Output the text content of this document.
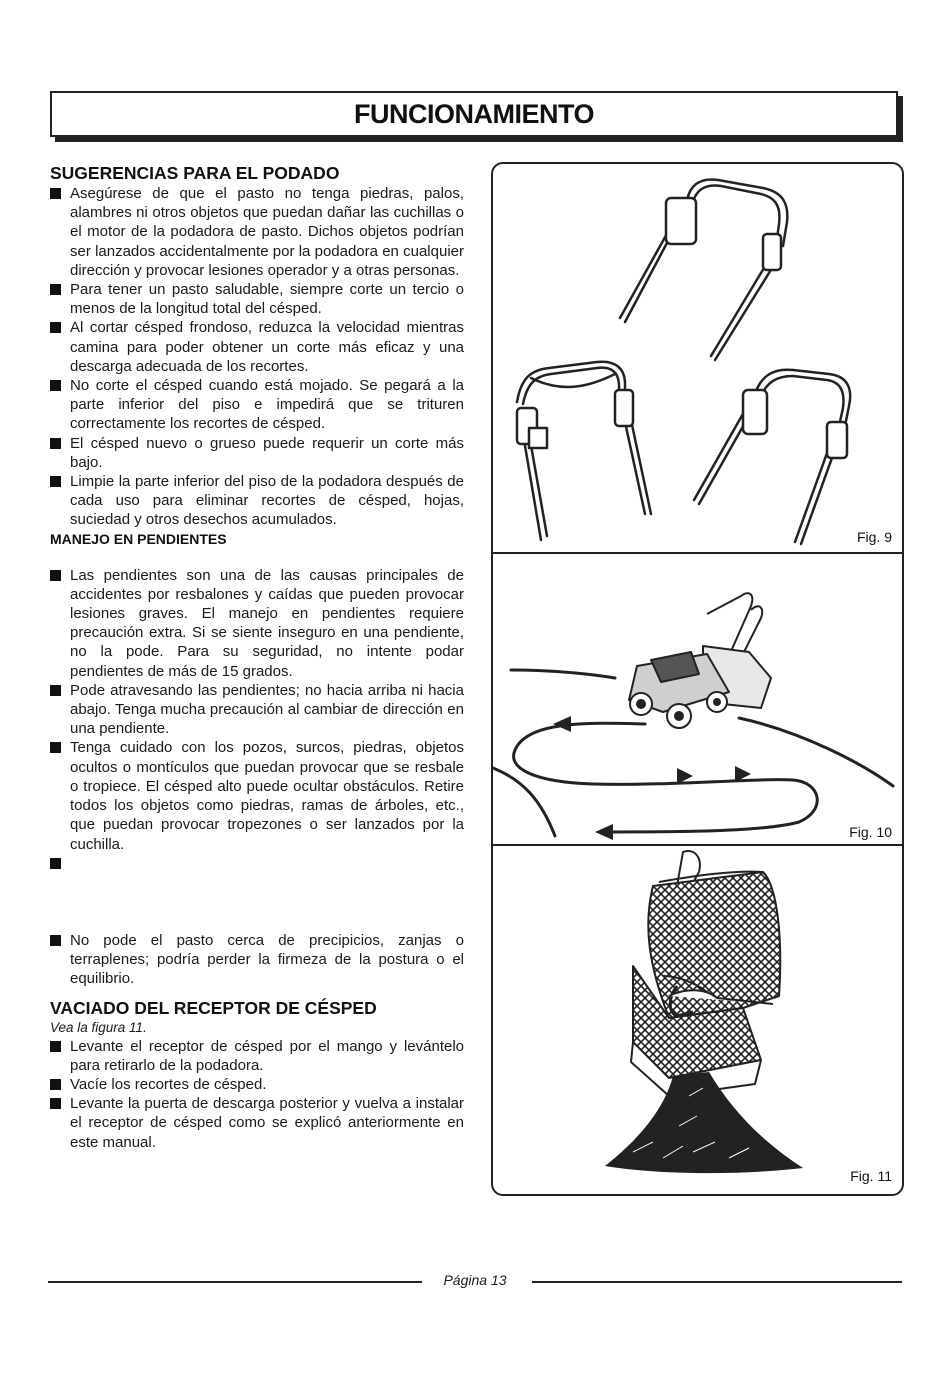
FUNCIONAMIENTO
SUGERENCIAS PARA EL PODADO
Asegúrese de que el pasto no tenga piedras, palos, alambres ni otros objetos que puedan dañar las cuchillas o el motor de la podadora de pasto. Dichos objetos podrían ser lanzados accidentalmente por la podadora en cualquier dirección y provocar lesiones operador y a otras personas.
Para tener un pasto saludable, siempre corte un tercio o menos de la longitud total del césped.
Al cortar césped frondoso, reduzca la velocidad mientras camina para poder obtener un corte más eficaz y una descarga adecuada de los recortes.
No corte el césped cuando está mojado. Se pegará a la parte inferior del piso e impedirá que se trituren correctamente los recortes de césped.
El césped nuevo o grueso puede requerir un corte más bajo.
Limpie la parte inferior del piso de la podadora después de cada uso para eliminar recortes de césped, hojas, suciedad y otros desechos acumulados.
MANEJO EN PENDIENTES
Las pendientes son una de las causas principales de accidentes por resbalones y caídas que pueden provocar lesiones graves. El manejo en pendientes requiere precaución extra. Si se siente inseguro en una pendiente, no la pode. Para su seguridad, no intente podar pendientes de más de 15 grados.
Pode atravesando las pendientes; no hacia arriba ni hacia abajo. Tenga mucha precaución al cambiar de dirección en una pendiente.
Tenga cuidado con los pozos, surcos, piedras, objetos ocultos o montículos que puedan provocar que se resbale o tropiece. El césped alto puede ocultar obstáculos. Retire todos los objetos como piedras, ramas de árboles, etc., que puedan provocar tropezones o ser lanzados por la cuchilla.

No pode el pasto cerca de precipicios, zanjas o terraplenes; podría perder la firmeza de la postura o el equilibrio.
VACIADO DEL RECEPTOR DE CÉSPED
Vea la figura 11.
Levante el receptor de césped por el mango y levántelo para retirarlo de la podadora.
Vacíe los recortes de césped.
Levante la puerta de descarga posterior y vuelva a instalar el receptor de césped como se explicó anteriormente en este manual.
Fig. 9
Fig. 10
Fig. 11
Página 13
